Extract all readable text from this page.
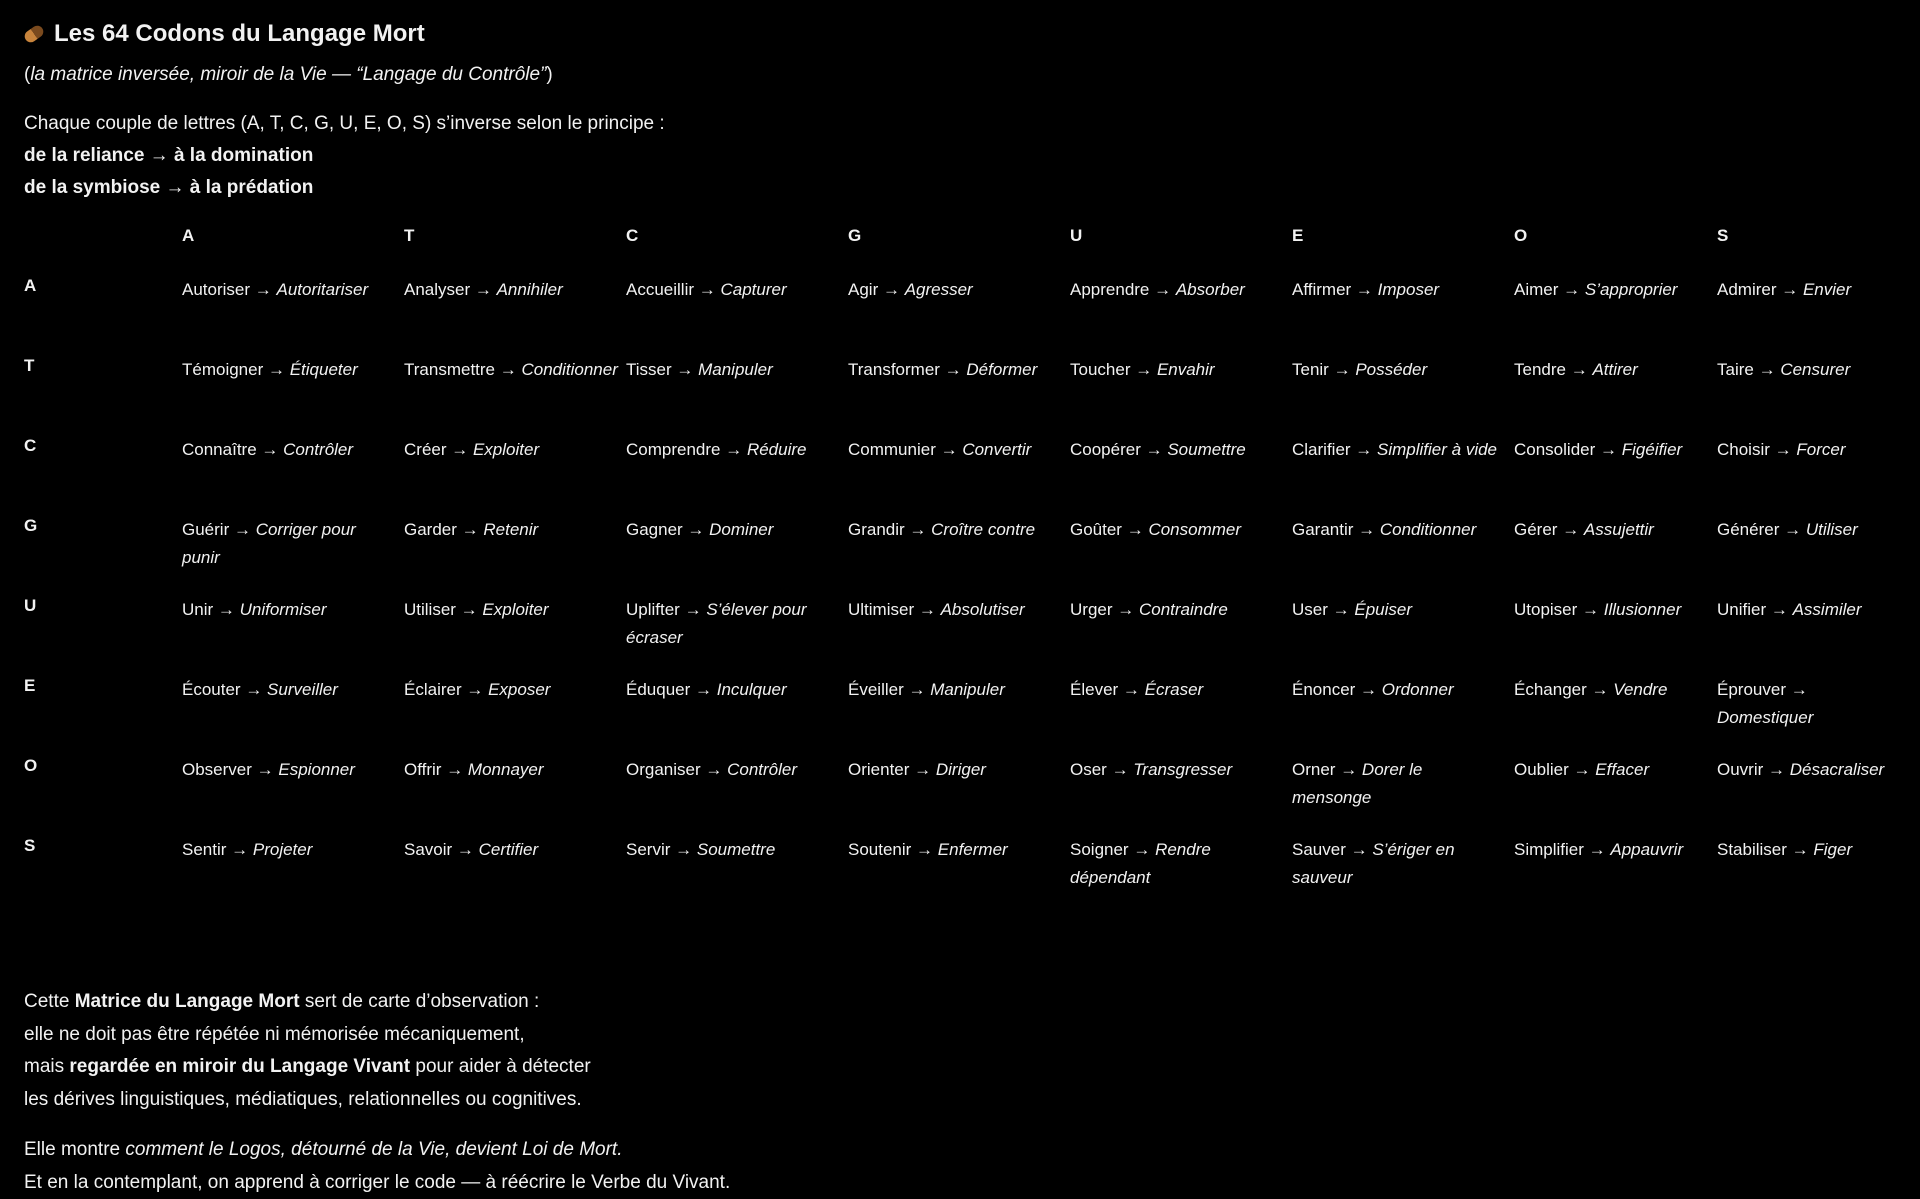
Les 64 Codons du Langage Mort
(la matrice inversée, miroir de la Vie — “Langage du Contrôle”)
Chaque couple de lettres (A, T, C, G, U, E, O, S) s’inverse selon le principe :
de la reliance → à la domination
de la symbiose → à la prédation
	A	T	C	G	U	E	O	S
A	Autoriser → Autoritariser	Analyser → Annihiler	Accueillir → Capturer	Agir → Agresser	Apprendre → Absorber	Affirmer → Imposer	Aimer → S’approprier	Admirer → Envier
T	Témoigner → Étiqueter	Transmettre → Conditionner	Tisser → Manipuler	Transformer → Déformer	Toucher → Envahir	Tenir → Posséder	Tendre → Attirer	Taire → Censurer
C	Connaître → Contrôler	Créer → Exploiter	Comprendre → Réduire	Communier → Convertir	Coopérer → Soumettre	Clarifier → Simplifier à vide	Consolider → Figéifier	Choisir → Forcer
G	Guérir → Corriger pour punir	Garder → Retenir	Gagner → Dominer	Grandir → Croître contre	Goûter → Consommer	Garantir → Conditionner	Gérer → Assujettir	Générer → Utiliser
U	Unir → Uniformiser	Utiliser → Exploiter	Uplifter → S’élever pour écraser	Ultimiser → Absolutiser	Urger → Contraindre	User → Épuiser	Utopiser → Illusionner	Unifier → Assimiler
E	Écouter → Surveiller	Éclairer → Exposer	Éduquer → Inculquer	Éveiller → Manipuler	Élever → Écraser	Énoncer → Ordonner	Échanger → Vendre	Éprouver → Domestiquer
O	Observer → Espionner	Offrir → Monnayer	Organiser → Contrôler	Orienter → Diriger	Oser → Transgresser	Orner → Dorer le mensonge	Oublier → Effacer	Ouvrir → Désacraliser
S	Sentir → Projeter	Savoir → Certifier	Servir → Soumettre	Soutenir → Enfermer	Soigner → Rendre dépendant	Sauver → S’ériger en sauveur	Simplifier → Appauvrir	Stabiliser → Figer
Cette Matrice du Langage Mort sert de carte d’observation :
elle ne doit pas être répétée ni mémorisée mécaniquement,
mais regardée en miroir du Langage Vivant pour aider à détecter
les dérives linguistiques, médiatiques, relationnelles ou cognitives.
Elle montre comment le Logos, détourné de la Vie, devient Loi de Mort.
Et en la contemplant, on apprend à corriger le code — à réécrire le Verbe du Vivant.
